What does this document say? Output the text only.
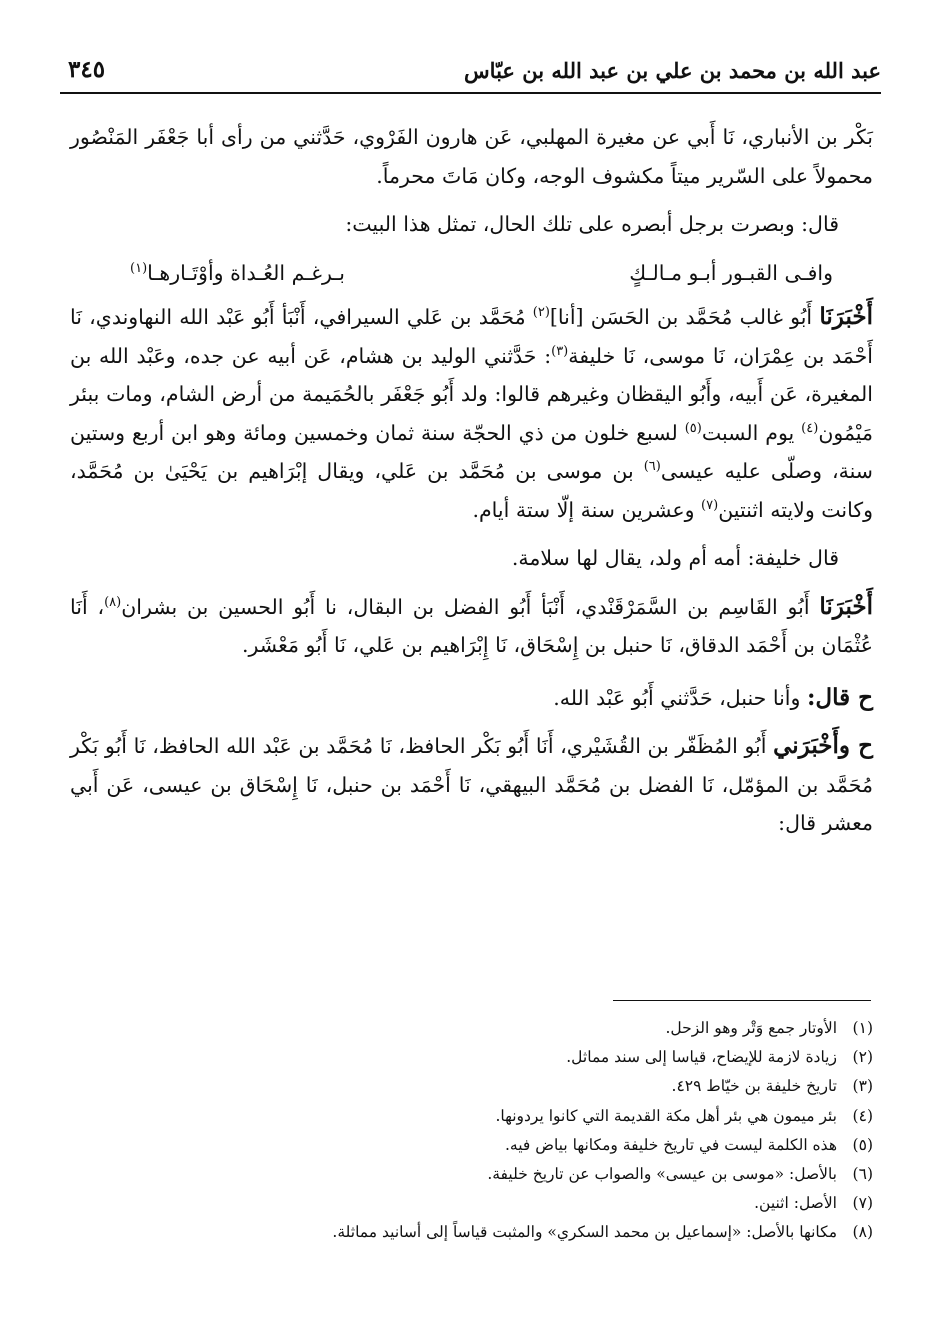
عبد الله بن محمد بن علي بن عبد الله بن عبّاس
٣٤٥

بَكْر بن الأنباري، نَا أَبي عن مغيرة المهلبي، عَن هارون الفَرْوي، حَدَّثني من رأى أبا جَعْفَر المَنْصُور محمولاً على السّرير ميتاً مكشوف الوجه، وكان مَاتَ محرماً.

قال: وبصرت برجل أبصره على تلك الحال، تمثل هذا البيت:

وافـى القبـور أبـو مـالـكٍ
بـرغـم العُـداة وأوْتَـارهـا$^{(١)}$

أَخْبَرَنَا أَبُو غالب مُحَمَّد بن الحَسَن [أنا]$^{(٢)}$ مُحَمَّد بن عَلي السيرافي، أَنْبَأ أَبُو عَبْد الله النهاوندي، نَا أَحْمَد بن عِمْرَان، نَا موسى، نَا خليفة$^{(٣)}$: حَدَّثني الوليد بن هشام، عَن أبيه عن جده، وعَبْد الله بن المغيرة، عَن أَبيه، وأَبُو اليقظان وغيرهم قالوا: ولد أَبُو جَعْفَر بالحُمَيمة من أرض الشام، ومات ببئر مَيْمُون$^{(٤)}$ يوم السبت$^{(٥)}$ لسبع خلون من ذي الحجّة سنة ثمان وخمسين ومائة وهو ابن أربع وستين سنة، وصلّى عليه عيسى$^{(٦)}$ بن موسى بن مُحَمَّد بن عَلي، ويقال إبْرَاهيم بن يَحْيَىٰ بن مُحَمَّد، وكانت ولايته اثنتين$^{(٧)}$ وعشرين سنة إلّا ستة أيام.

قال خليفة: أمه أم ولد، يقال لها سلامة.

أَخْبَرَنَا أَبُو القَاسِم بن السَّمَرْقَنْدي، أَنْبَأ أَبُو الفضل بن البقال، نا أَبُو الحسين بن بشران$^{(٨)}$، أَنَا عُثْمَان بن أَحْمَد الدقاق، نَا حنبل بن إِسْحَاق، نَا إِبْرَاهيم بن عَلي، نَا أَبُو مَعْشَر.

ح قال: وأنا حنبل، حَدَّثني أَبُو عَبْد الله.

ح وأَخْبَرَني أَبُو المُظَفّر بن القُشَيْري، أَنَا أَبُو بَكْر الحافظ، نَا مُحَمَّد بن عَبْد الله الحافظ، نَا أَبُو بَكْر مُحَمَّد بن المؤمّل، نَا الفضل بن مُحَمَّد البيهقي، نَا أَحْمَد بن حنبل، نَا إِسْحَاق بن عيسى، عَن أَبي معشر قال:

(١)
الأوتار جمع وَتْر وهو الزحل.
(٢)
زيادة لازمة للإيضاح، قياسا إلى سند مماثل.
(٣)
تاريخ خليفة بن خيّاط ٤٢٩.
(٤)
بئر ميمون هي بئر أهل مكة القديمة التي كانوا يردونها.
(٥)
هذه الكلمة ليست في تاريخ خليفة ومكانها بياض فيه.
(٦)
بالأصل: «موسى بن عيسى» والصواب عن تاريخ خليفة.
(٧)
الأصل: اثنين.
(٨)
مكانها بالأصل: «إسماعيل بن محمد السكري» والمثبت قياساً إلى أسانيد مماثلة.
